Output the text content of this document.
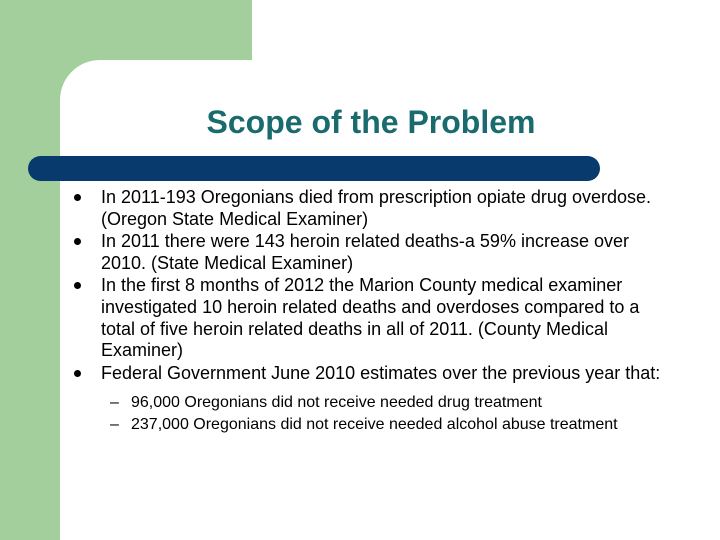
Scope of the Problem
In 2011-193 Oregonians died from prescription opiate drug overdose. (Oregon State Medical Examiner)
In 2011 there were 143 heroin related deaths-a 59% increase over 2010. (State Medical Examiner)
In the first 8 months of 2012 the Marion County medical examiner investigated 10 heroin related deaths and overdoses compared to a total of five heroin related deaths in all of 2011. (County Medical Examiner)
Federal Government June 2010 estimates over the previous year that:
– 96,000 Oregonians did not receive needed drug treatment
– 237,000 Oregonians did not receive needed alcohol abuse treatment
